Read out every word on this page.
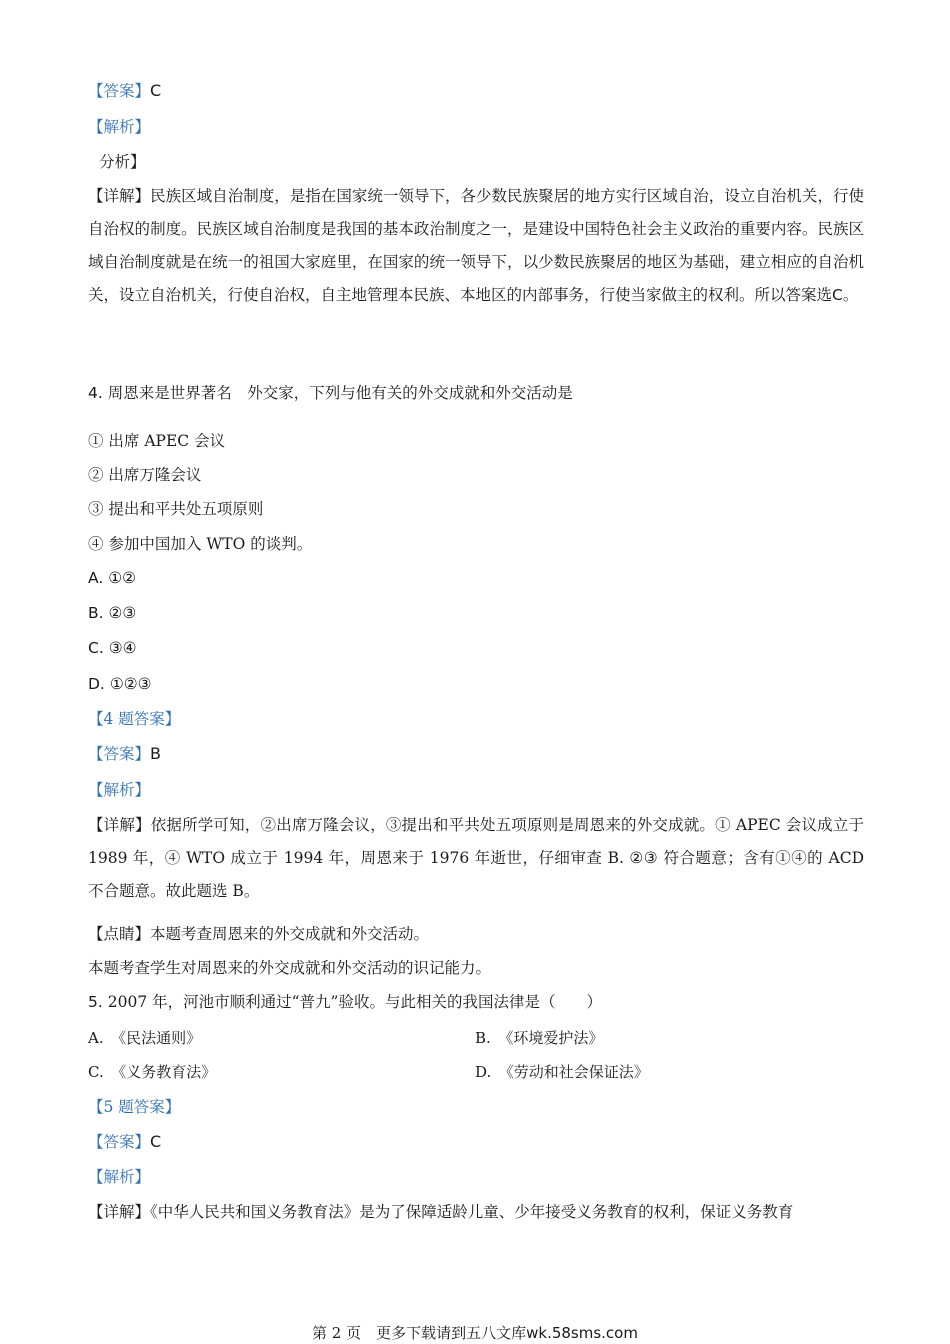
【答案】C
【解析】
分析】
【详解】民族区域自治制度，是指在国家统一领导下，各少数民族聚居的地方实行区域自治，设立自治机关，行使自治权的制度。民族区域自治制度是我国的基本政治制度之一，是建设中国特色社会主义政治的重要内容。民族区域自治制度就是在统一的祖国大家庭里，在国家的统一领导下，以少数民族聚居的地区为基础，建立相应的自治机关，设立自治机关，行使自治权，自主地管理本民族、本地区的内部事务，行使当家做主的权利。所以答案选C。
4. 周恩来是世界著名　外交家，下列与他有关的外交成就和外交活动是
① 出席 APEC 会议
② 出席万隆会议
③ 提出和平共处五项原则
④ 参加中国加入 WTO 的谈判。
A. ①②
B. ②③
C. ③④
D. ①②③
【4 题答案】
【答案】B
【解析】
【详解】依据所学可知，②出席万隆会议，③提出和平共处五项原则是周恩来的外交成就。① APEC 会议成立于 1989 年，④ WTO 成立于 1994 年，周恩来于 1976 年逝世，仔细审查 B. ②③ 符合题意；含有①④的 ACD 不合题意。故此题选 B。
【点睛】本题考查周恩来的外交成就和外交活动。
本题考查学生对周恩来的外交成就和外交活动的识记能力。
5. 2007 年，河池市顺利通过“普九”验收。与此相关的我国法律是（　　）
A.　 《民法通则》	B.　 《环境爱护法》
C.　 《义务教育法》	D.　 《劳动和社会保证法》
【5 题答案】
【答案】C
【解析】
【详解】《中华人民共和国义务教育法》是为了保障适龄儿童、少年接受义务教育的权利，保证义务教育
第 2 页　更多下载请到五八文库wk.58sms.com
